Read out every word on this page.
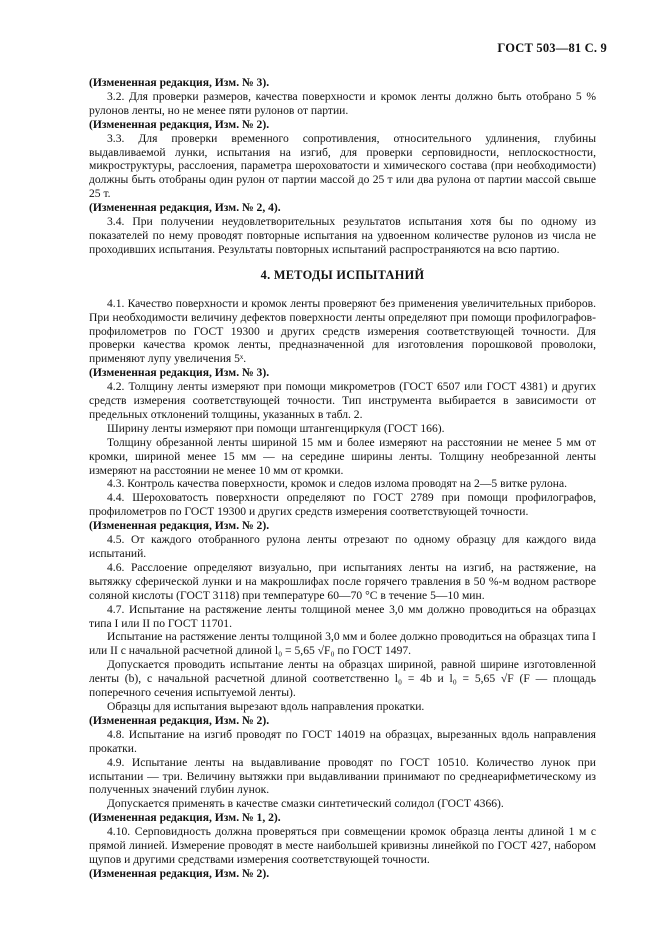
ГОСТ 503—81 С. 9

(Измененная редакция, Изм. № 3).

3.2. Для проверки размеров, качества поверхности и кромок ленты должно быть отобрано 5 % рулонов ленты, но не менее пяти рулонов от партии.

(Измененная редакция, Изм. № 2).

3.3. Для проверки временного сопротивления, относительного удлинения, глубины выдавливаемой лунки, испытания на изгиб, для проверки серповидности, неплоскостности, микроструктуры, расслоения, параметра шероховатости и химического состава (при необходимости) должны быть отобраны один рулон от партии массой до 25 т или два рулона от партии массой свыше 25 т.

(Измененная редакция, Изм. № 2, 4).

3.4. При получении неудовлетворительных результатов испытания хотя бы по одному из показателей по нему проводят повторные испытания на удвоенном количестве рулонов из числа не проходивших испытания. Результаты повторных испытаний распространяются на всю партию.

4. МЕТОДЫ ИСПЫТАНИЙ

4.1. Качество поверхности и кромок ленты проверяют без применения увеличительных приборов. При необходимости величину дефектов поверхности ленты определяют при помощи профилографов-профилометров по ГОСТ 19300 и других средств измерения соответствующей точности. Для проверки качества кромок ленты, предназначенной для изготовления порошковой проволоки, применяют лупу увеличения 5ˣ.

(Измененная редакция, Изм. № 3).

4.2. Толщину ленты измеряют при помощи микрометров (ГОСТ 6507 или ГОСТ 4381) и других средств измерения соответствующей точности. Тип инструмента выбирается в зависимости от предельных отклонений толщины, указанных в табл. 2.

Ширину ленты измеряют при помощи штангенциркуля (ГОСТ 166).

Толщину обрезанной ленты шириной 15 мм и более измеряют на расстоянии не менее 5 мм от кромки, шириной менее 15 мм — на середине ширины ленты. Толщину необрезанной ленты измеряют на расстоянии не менее 10 мм от кромки.

4.3. Контроль качества поверхности, кромок и следов излома проводят на 2—5 витке рулона.

4.4. Шероховатость поверхности определяют по ГОСТ 2789 при помощи профилографов, профилометров по ГОСТ 19300 и других средств измерения соответствующей точности.

(Измененная редакция, Изм. № 2).

4.5. От каждого отобранного рулона ленты отрезают по одному образцу для каждого вида испытаний.

4.6. Расслоение определяют визуально, при испытаниях ленты на изгиб, на растяжение, на вытяжку сферической лунки и на макрошлифах после горячего травления в 50 %-м водном растворе соляной кислоты (ГОСТ 3118) при температуре 60—70 °С в течение 5—10 мин.

4.7. Испытание на растяжение ленты толщиной менее 3,0 мм должно проводиться на образцах типа I или II по ГОСТ 11701.

Испытание на растяжение ленты толщиной 3,0 мм и более должно проводиться на образцах типа I или II с начальной расчетной длиной l₀ = 5,65 √F₀ по ГОСТ 1497.

Допускается проводить испытание ленты на образцах шириной, равной ширине изготовленной ленты (b), с начальной расчетной длиной соответственно l₀ = 4b и l₀ = 5,65 √F (F — площадь поперечного сечения испытуемой ленты).

Образцы для испытания вырезают вдоль направления прокатки.

(Измененная редакция, Изм. № 2).

4.8. Испытание на изгиб проводят по ГОСТ 14019 на образцах, вырезанных вдоль направления прокатки.

4.9. Испытание ленты на выдавливание проводят по ГОСТ 10510. Количество лунок при испытании — три. Величину вытяжки при выдавливании принимают по среднеарифметическому из полученных значений глубин лунок.

Допускается применять в качестве смазки синтетический солидол (ГОСТ 4366).

(Измененная редакция, Изм. № 1, 2).

4.10. Серповидность должна проверяться при совмещении кромок образца ленты длиной 1 м с прямой линией. Измерение проводят в месте наибольшей кривизны линейкой по ГОСТ 427, набором щупов и другими средствами измерения соответствующей точности.

(Измененная редакция, Изм. № 2).
